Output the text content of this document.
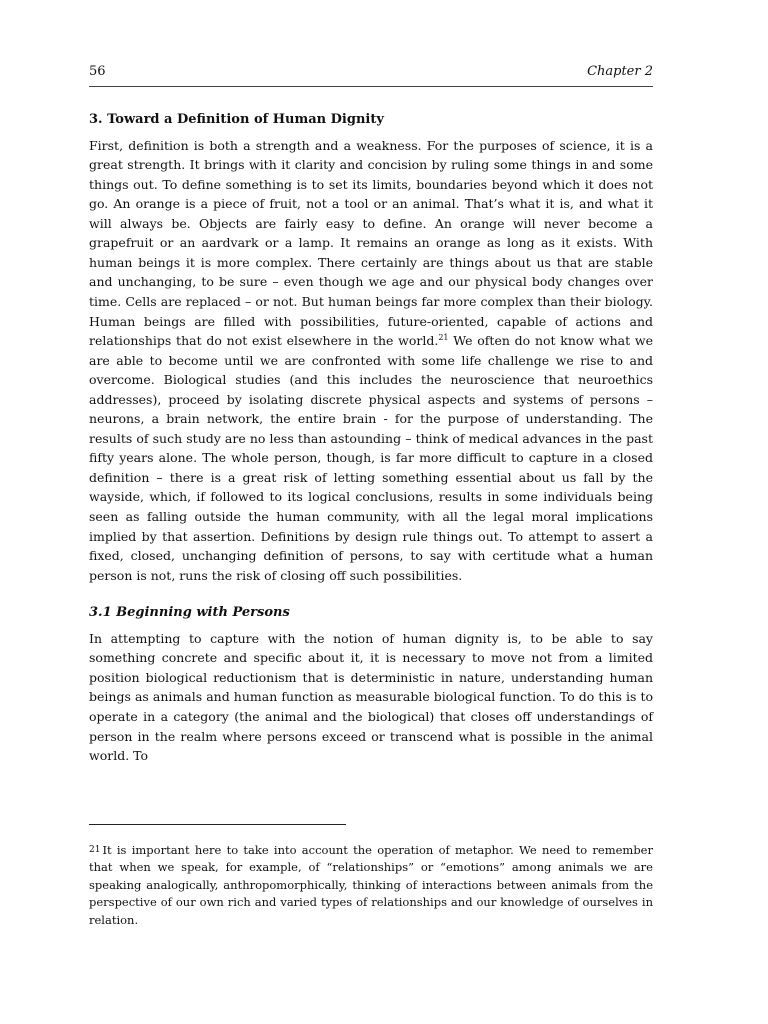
56	Chapter 2
3. Toward a Definition of Human Dignity

First, definition is both a strength and a weakness. For the purposes of science, it is a great strength. It brings with it clarity and concision by ruling some things in and some things out. To define something is to set its limits, boundaries beyond which it does not go. An orange is a piece of fruit, not a tool or an animal. That’s what it is, and what it will always be. Objects are fairly easy to define. An orange will never become a grapefruit or an aardvark or a lamp. It remains an orange as long as it exists. With human beings it is more complex. There certainly are things about us that are stable and unchanging, to be sure – even though we age and our physical body changes over time. Cells are replaced – or not. But human beings far more complex than their biology. Human beings are filled with possibilities, future-oriented, capable of actions and relationships that do not exist elsewhere in the world.$^{21}$ We often do not know what we are able to become until we are confronted with some life challenge we rise to and overcome. Biological studies (and this includes the neuroscience that neuroethics addresses), proceed by isolating discrete physical aspects and systems of persons – neurons, a brain network, the entire brain - for the purpose of understanding. The results of such study are no less than astounding – think of medical advances in the past fifty years alone. The whole person, though, is far more difficult to capture in a closed definition – there is a great risk of letting something essential about us fall by the wayside, which, if followed to its logical conclusions, results in some individuals being seen as falling outside the human community, with all the legal moral implications implied by that assertion. Definitions by design rule things out. To attempt to assert a fixed, closed, unchanging definition of persons, to say with certitude what a human person is not, runs the risk of closing off such possibilities.

3.1 Beginning with Persons

In attempting to capture with the notion of human dignity is, to be able to say something concrete and specific about it, it is necessary to move not from a limited position biological reductionism that is deterministic in nature, understanding human beings as animals and human function as measurable biological function. To do this is to operate in a category (the animal and the biological) that closes off understandings of person in the realm where persons exceed or transcend what is possible in the animal world. To

21 It is important here to take into account the operation of metaphor. We need to remember that when we speak, for example, of “relationships” or “emotions” among animals we are speaking analogically, anthropomorphically, thinking of interactions between animals from the perspective of our own rich and varied types of relationships and our knowledge of ourselves in relation.
